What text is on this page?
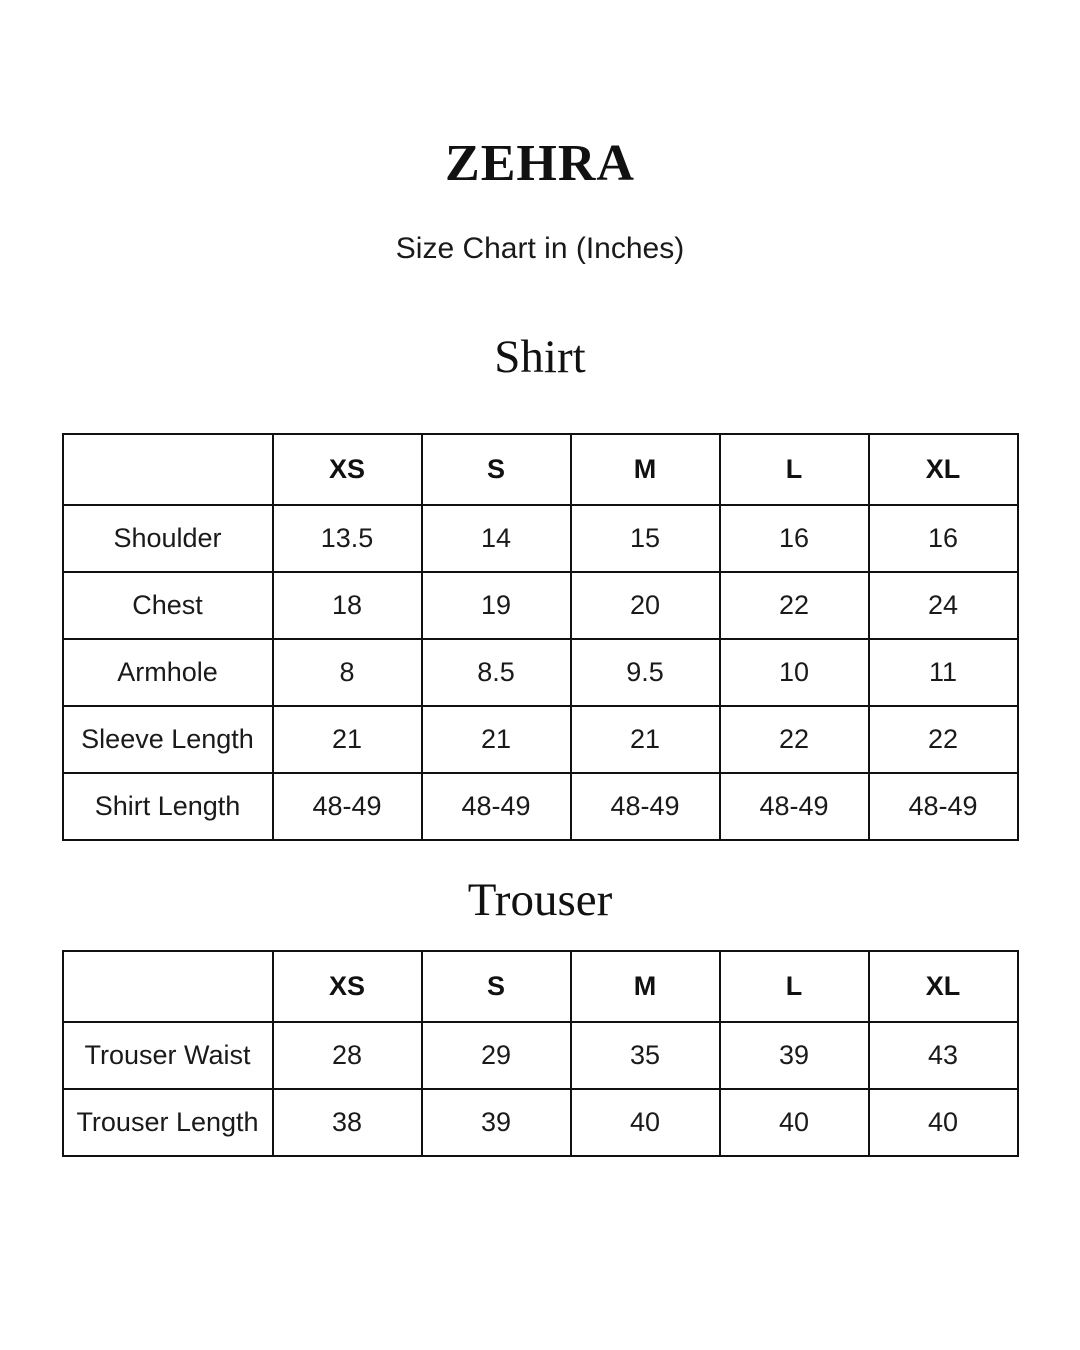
ZEHRA
Size Chart in (Inches)
Shirt
	XS	S	M	L	XL
Shoulder	13.5	14	15	16	16
Chest	18	19	20	22	24
Armhole	8	8.5	9.5	10	11
Sleeve Length	21	21	21	22	22
Shirt Length	48-49	48-49	48-49	48-49	48-49
Trouser
	XS	S	M	L	XL
Trouser Waist	28	29	35	39	43
Trouser Length	38	39	40	40	40
